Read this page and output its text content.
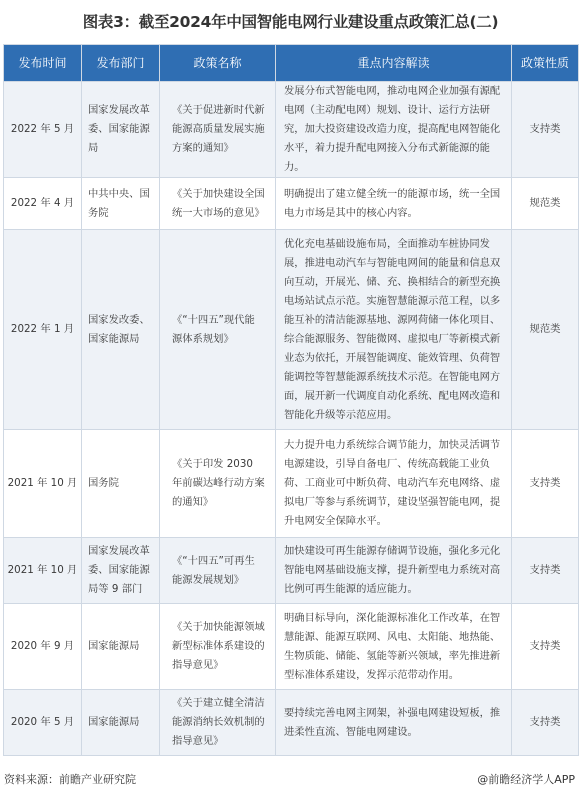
图表3：截至2024年中国智能电网行业建设重点政策汇总(二)
发布时间	发布部门	政策名称	重点内容解读	政策性质
2022 年 5 月	国家发展改革委、国家能源局	《关于促进新时代新能源高质量发展实施方案的通知》	发展分布式智能电网，推动电网企业加强有源配电网（主动配电网）规划、设计、运行方法研究，加大投资建设改造力度，提高配电网智能化水平，着力提升配电网接入分布式新能源的能力。	支持类
2022 年 4 月	中共中央、国务院	《关于加快建设全国统一大市场的意见》	明确提出了建立健全统一的能源市场，统一全国电力市场是其中的核心内容。	规范类
2022 年 1 月	国家发改委、国家能源局	《“十四五”现代能源体系规划》	优化充电基础设施布局，全面推动车桩协同发展，推进电动汽车与智能电网间的能量和信息双向互动，开展光、储、充、换相结合的新型充换电场站试点示范。实施智慧能源示范工程，以多能互补的清洁能源基地、源网荷储一体化项目、综合能源服务、智能微网、虚拟电厂等新模式新业态为依托，开展智能调度、能效管理、负荷智能调控等智慧能源系统技术示范。在智能电网方面，展开新一代调度自动化系统、配电网改造和智能化升级等示范应用。	规范类
2021 年 10 月	国务院	《关于印发 2030 年前碳达峰行动方案的通知》	大力提升电力系统综合调节能力，加快灵活调节电源建设，引导自备电厂、传统高载能工业负荷、工商业可中断负荷、电动汽车充电网络、虚拟电厂等参与系统调节，建设坚强智能电网，提升电网安全保障水平。	支持类
2021 年 10 月	国家发展改革委、国家能源局等 9 部门	《“十四五”可再生能源发展规划》	加快建设可再生能源存储调节设施，强化多元化智能电网基础设施支撑，提升新型电力系统对高比例可再生能源的适应能力。	支持类
2020 年 9 月	国家能源局	《关于加快能源领域新型标准体系建设的指导意见》	明确目标导向，深化能源标准化工作改革，在智慧能源、能源互联网、风电、太阳能、地热能、生物质能、储能、氢能等新兴领域，率先推进新型标准体系建设，发挥示范带动作用。	支持类
2020 年 5 月	国家能源局	《关于建立健全清洁能源消纳长效机制的指导意见》	要持续完善电网主网架，补强电网建设短板，推进柔性直流、智能电网建设。	支持类
资料来源：前瞻产业研究院	@前瞻经济学人APP
